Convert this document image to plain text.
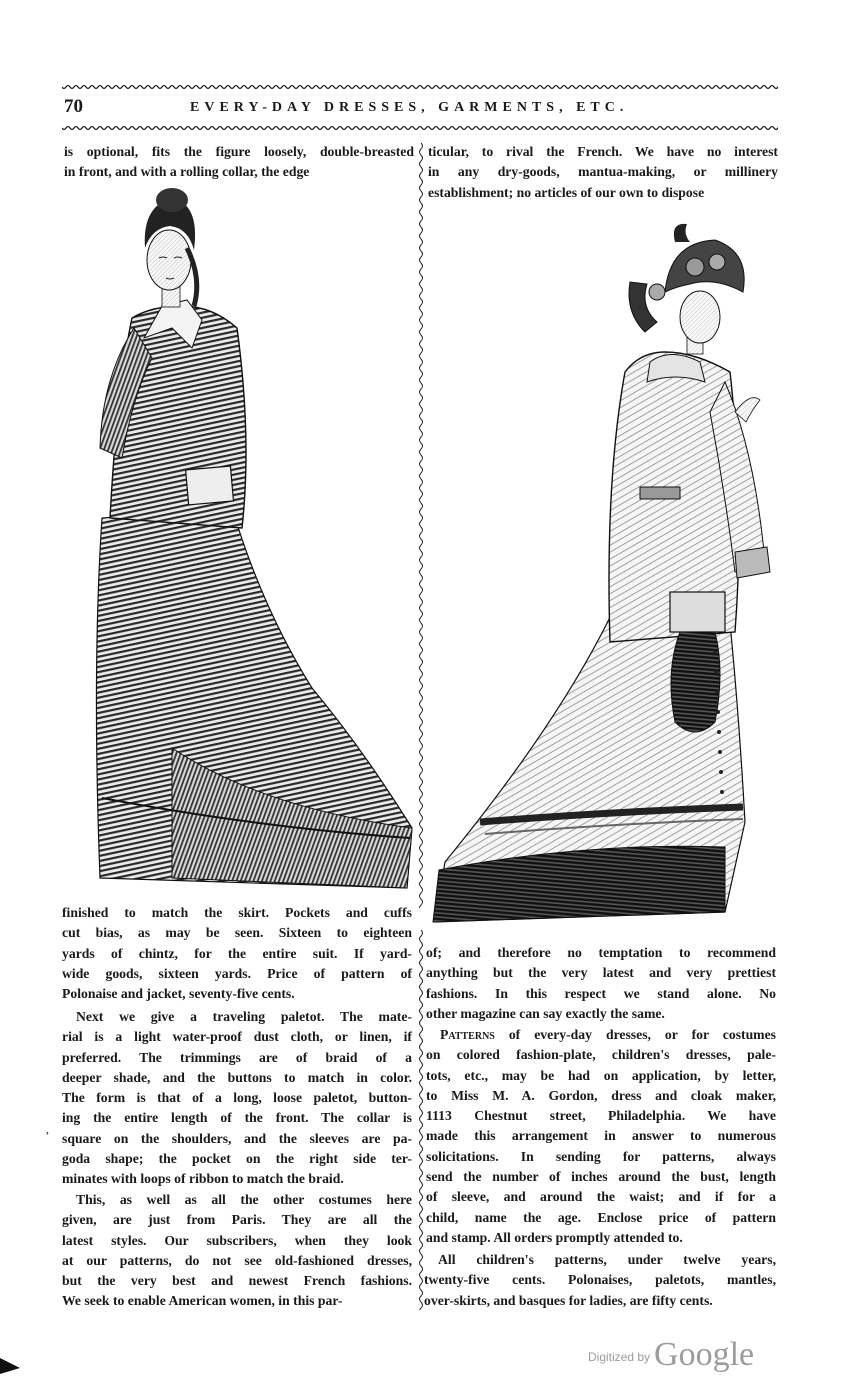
70	EVERY-DAY DRESSES, GARMENTS, ETC.
is optional, fits the figure loosely, double-breasted
in front, and with a rolling collar, the edge
finished to match the skirt. Pockets and cuffs
cut bias, as may be seen. Sixteen to eighteen
yards of chintz, for the entire suit. If yard-
wide goods, sixteen yards. Price of pattern of
Polonaise and jacket, seventy-five cents.
Next we give a traveling paletot. The mate-
rial is a light water-proof dust cloth, or linen, if
preferred. The trimmings are of braid of a
deeper shade, and the buttons to match in color.
The form is that of a long, loose paletot, button-
ing the entire length of the front. The collar is
square on the shoulders, and the sleeves are pa-
goda shape; the pocket on the right side ter-
minates with loops of ribbon to match the braid.
This, as well as all the other costumes here
given, are just from Paris. They are all the
latest styles. Our subscribers, when they look
at our patterns, do not see old-fashioned dresses,
but the very best and newest French fashions.
We seek to enable American women, in this par-
ticular, to rival the French. We have no interest
in any dry-goods, mantua-making, or millinery
establishment; no articles of our own to dispose
of; and therefore no temptation to recommend
anything but the very latest and very prettiest
fashions. In this respect we stand alone. No
other magazine can say exactly the same.
Patterns of every-day dresses, or for costumes
on colored fashion-plate, children's dresses, pale-
tots, etc., may be had on application, by letter,
to Miss M. A. Gordon, dress and cloak maker,
1113 Chestnut street, Philadelphia. We have
made this arrangement in answer to numerous
solicitations. In sending for patterns, always
send the number of inches around the bust, length
of sleeve, and around the waist; and if for a
child, name the age. Enclose price of pattern
and stamp. All orders promptly attended to.
All children's patterns, under twelve years,
twenty-five cents. Polonaises, paletots, mantles,
over-skirts, and basques for ladies, are fifty cents.
,
$^{Digitized by}$ Google
